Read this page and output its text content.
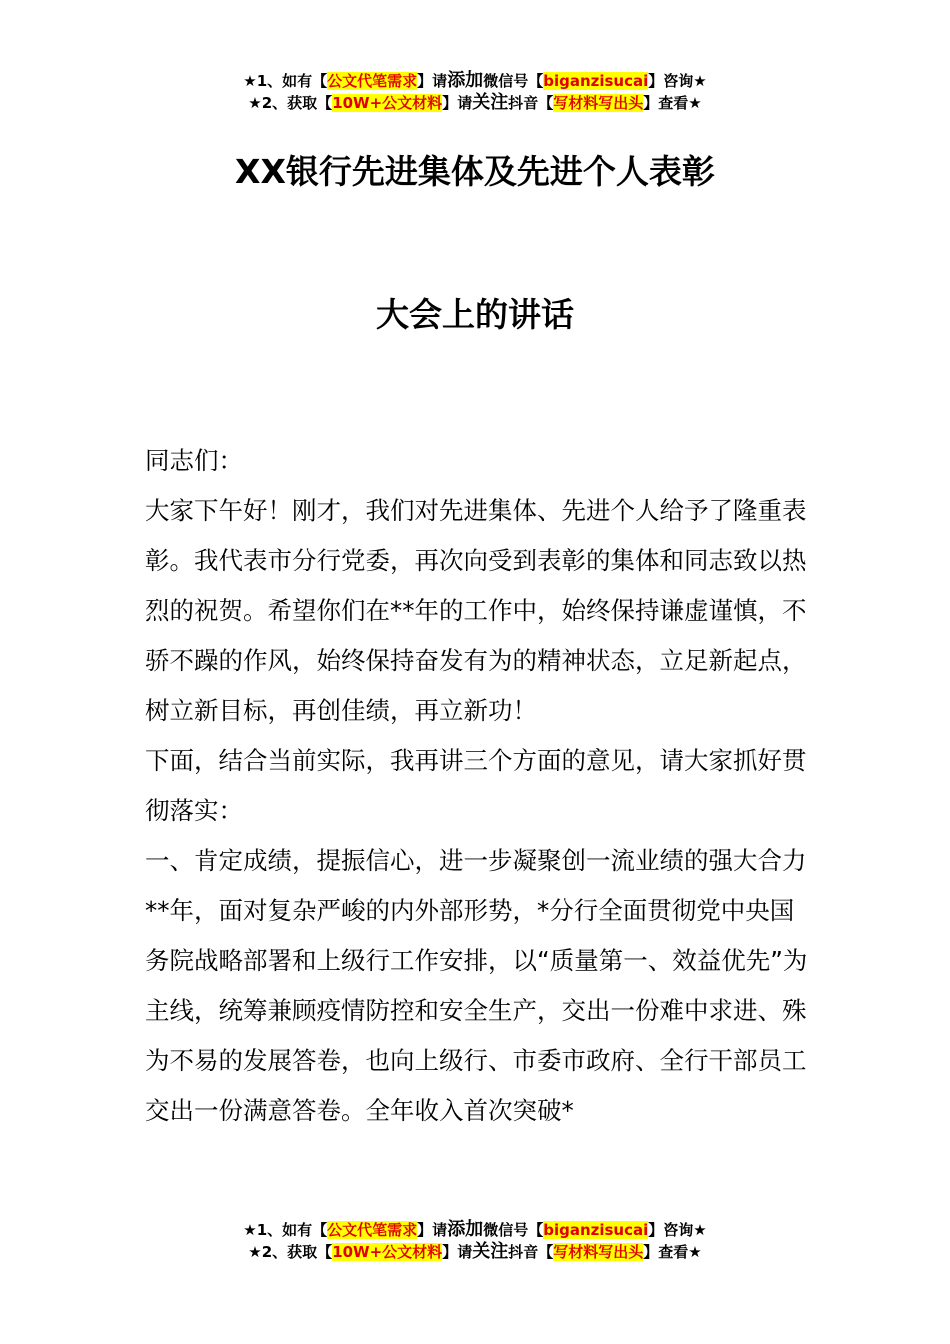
★1、如有【公文代笔需求】请添加微信号【biganzisucai】咨询★
★2、获取【10W+公文材料】请关注抖音【写材料写出头】查看★
XX银行先进集体及先进个人表彰
大会上的讲话

同志们：

大家下午好！刚才，我们对先进集体、先进个人给予了隆重表彰。我代表市分行党委，再次向受到表彰的集体和同志致以热烈的祝贺。希望你们在**年的工作中，始终保持谦虚谨慎，不骄不躁的作风，始终保持奋发有为的精神状态，立足新起点，树立新目标，再创佳绩，再立新功！

下面，结合当前实际，我再讲三个方面的意见，请大家抓好贯彻落实：

一、肯定成绩，提振信心，进一步凝聚创一流业绩的强大合力

**年，面对复杂严峻的内外部形势，*分行全面贯彻党中央国务院战略部署和上级行工作安排，以“质量第一、效益优先”为主线，统筹兼顾疫情防控和安全生产，交出一份难中求进、殊为不易的发展答卷，也向上级行、市委市政府、全行干部员工交出一份满意答卷。全年收入首次突破*

★1、如有【公文代笔需求】请添加微信号【biganzisucai】咨询★
★2、获取【10W+公文材料】请关注抖音【写材料写出头】查看★
